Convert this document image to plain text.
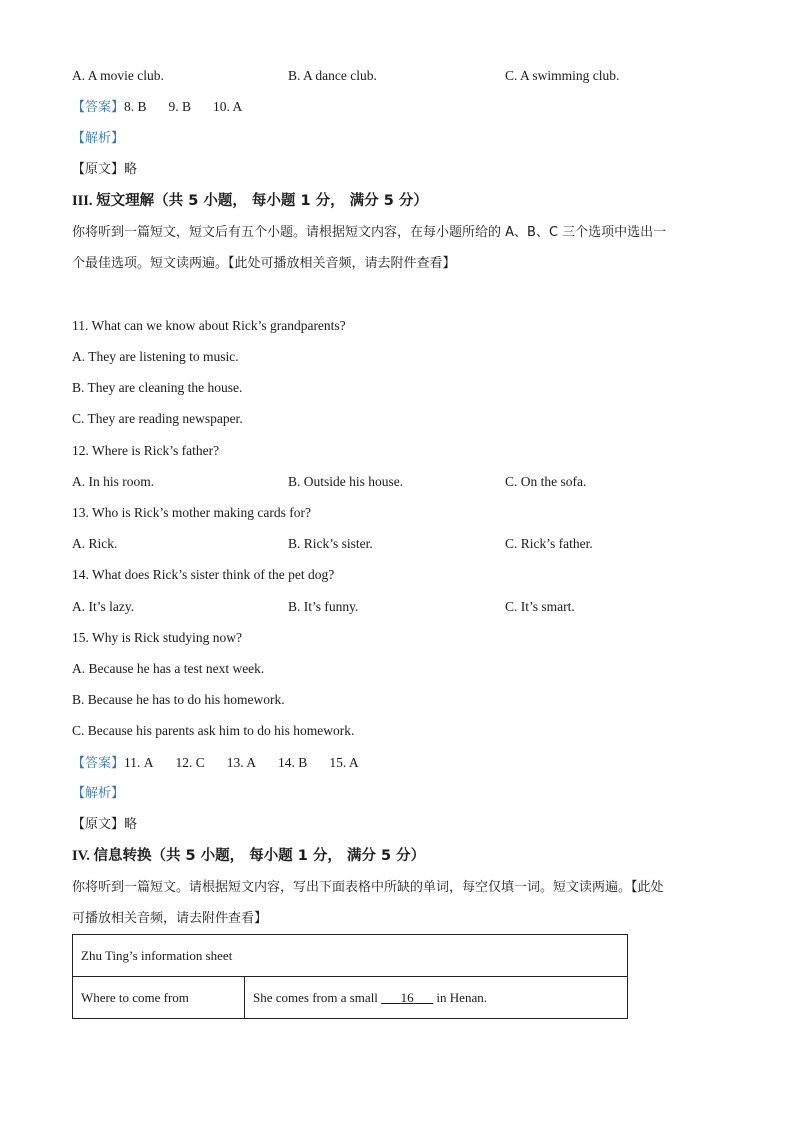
A. A movie club.	B. A dance club.	C. A swimming club.
【答案】8. B 9. B 10. A
【解析】
【原文】略
III. 短文理解（共 5 小题， 每小题 1 分， 满分 5 分）
你将听到一篇短文，短文后有五个小题。请根据短文内容，在每小题所给的 A、B、C 三个选项中选出一
个最佳选项。短文读两遍。【此处可播放相关音频，请去附件查看】
11. What can we know about Rick’s grandparents?
A. They are listening to music.
B. They are cleaning the house.
C. They are reading newspaper.
12. Where is Rick’s father?
A. In his room.	B. Outside his house.	C. On the sofa.
13. Who is Rick’s mother making cards for?
A. Rick.	B. Rick’s sister.	C. Rick’s father.
14. What does Rick’s sister think of the pet dog?
A. It’s lazy.	B. It’s funny.	C. It’s smart.
15. Why is Rick studying now?
A. Because he has a test next week.
B. Because he has to do his homework.
C. Because his parents ask him to do his homework.
【答案】11. A 12. C 13. A 14. B 15. A
【解析】
【原文】略
IV. 信息转换（共 5 小题， 每小题 1 分， 满分 5 分）
你将听到一篇短文。请根据短文内容，写出下面表格中所缺的单词，每空仅填一词。短文读两遍。【此处
可播放相关音频，请去附件查看】
Zhu Ting’s information sheet
Where to come from	She comes from a small 16 in Henan.
